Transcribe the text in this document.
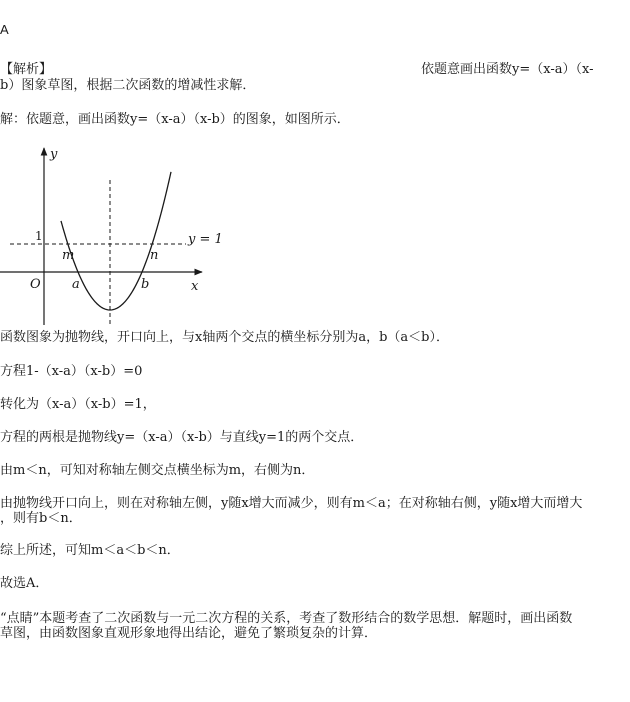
A
【解析】	依题意画出函数y=（x-a）（x-
b）图象草图，根据二次函数的增减性求解．
解：依题意，画出函数y=（x-a）（x-b）的图象，如图所示．
y
x
O
1	y = 1
m	n
a	b
函数图象为抛物线，开口向上，与x轴两个交点的横坐标分别为a，b（a＜b）．
方程1-（x-a）（x-b）=0
转化为（x-a）（x-b）=1，
方程的两根是抛物线y=（x-a）（x-b）与直线y=1的两个交点．
由m＜n，可知对称轴左侧交点横坐标为m，右侧为n．
由抛物线开口向上，则在对称轴左侧，y随x增大而减少，则有m＜a；在对称轴右侧，y随x增大而增大
，则有b＜n．
综上所述，可知m＜a＜b＜n．
故选A．
“点睛”本题考查了二次函数与一元二次方程的关系，考查了数形结合的数学思想．解题时，画出函数
草图，由函数图象直观形象地得出结论，避免了繁琐复杂的计算．
